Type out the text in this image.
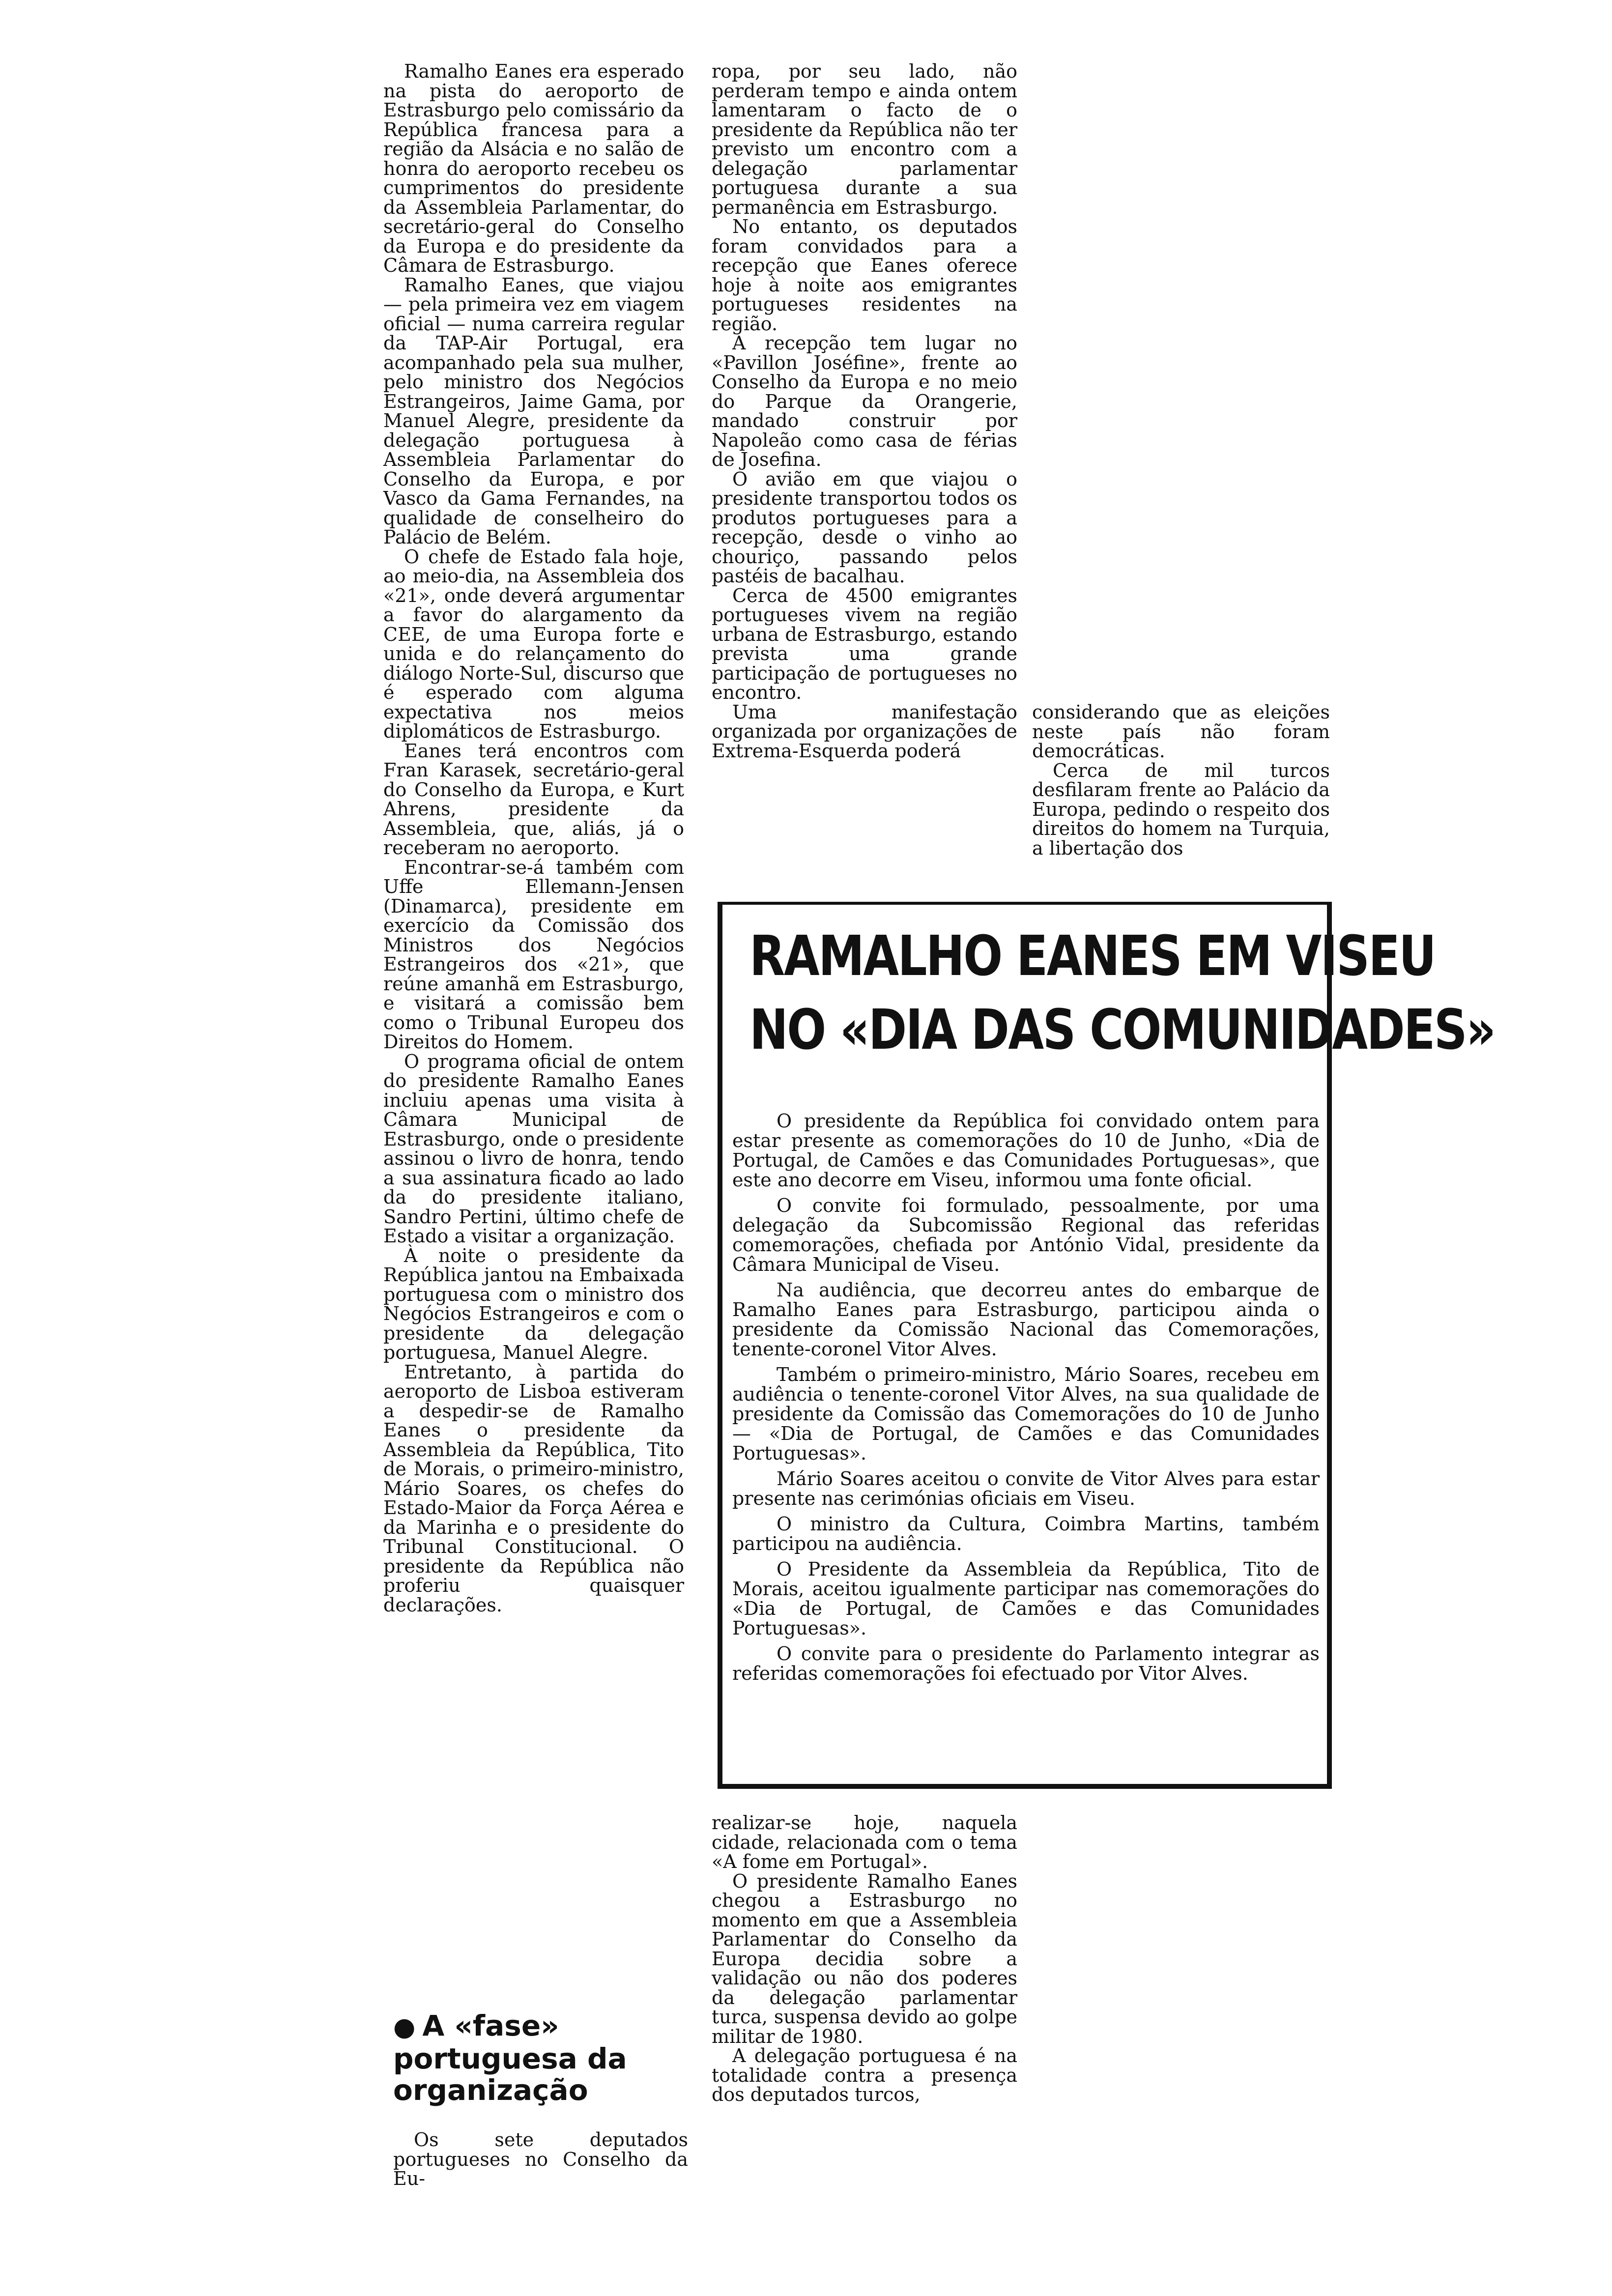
Ramalho Eanes era esperado na pista do aeroporto de Estrasburgo pelo comissário da República francesa para a região da Alsácia e no salão de honra do aeroporto recebeu os cumprimentos do presidente da Assembleia Parlamentar, do secretário-geral do Conselho da Europa e do presidente da Câmara de Estrasburgo.

Ramalho Eanes, que viajou — pela primeira vez em viagem oficial — numa carreira regular da TAP-Air Portugal, era acompanhado pela sua mulher, pelo ministro dos Negócios Estrangeiros, Jaime Gama, por Manuel Alegre, presidente da delegação portuguesa à Assembleia Parlamentar do Conselho da Europa, e por Vasco da Gama Fernandes, na qualidade de conselheiro do Palácio de Belém.

O chefe de Estado fala hoje, ao meio-dia, na Assembleia dos «21», onde deverá argumentar a favor do alargamento da CEE, de uma Europa forte e unida e do relançamento do diálogo Norte-Sul, discurso que é esperado com alguma expectativa nos meios diplomáticos de Estrasburgo.

Eanes terá encontros com Fran Karasek, secretário-geral do Conselho da Europa, e Kurt Ahrens, presidente da Assembleia, que, aliás, já o receberam no aeroporto.

Encontrar-se-á também com Uffe Ellemann-Jensen (Dinamarca), presidente em exercício da Comissão dos Ministros dos Negócios Estrangeiros dos «21», que reúne amanhã em Estrasburgo, e visitará a comissão bem como o Tribunal Europeu dos Direitos do Homem.

O programa oficial de ontem do presidente Ramalho Eanes incluiu apenas uma visita à Câmara Municipal de Estrasburgo, onde o presidente assinou o livro de honra, tendo a sua assinatura ficado ao lado da do presidente italiano, Sandro Pertini, último chefe de Estado a visitar a organização.

À noite o presidente da República jantou na Embaixada portuguesa com o ministro dos Negócios Estrangeiros e com o presidente da delegação portuguesa, Manuel Alegre.

Entretanto, à partida do aeroporto de Lisboa estiveram a despedir-se de Ramalho Eanes o presidente da Assembleia da República, Tito de Morais, o primeiro-ministro, Mário Soares, os chefes do Estado-Maior da Força Aérea e da Marinha e o presidente do Tribunal Constitucional. O presidente da República não proferiu quaisquer declarações.

● A «fase» portuguesa da organização

Os sete deputados portugueses no Conselho da Eu-

ropa, por seu lado, não perderam tempo e ainda ontem lamentaram o facto de o presidente da República não ter previsto um encontro com a delegação parlamentar portuguesa durante a sua permanência em Estrasburgo.

No entanto, os deputados foram convidados para a recepção que Eanes oferece hoje à noite aos emigrantes portugueses residentes na região.

A recepção tem lugar no «Pavillon Joséfine», frente ao Conselho da Europa e no meio do Parque da Orangerie, mandado construir por Napoleão como casa de férias de Josefina.

O avião em que viajou o presidente transportou todos os produtos portugueses para a recepção, desde o vinho ao chouriço, passando pelos pastéis de bacalhau.

Cerca de 4500 emigrantes portugueses vivem na região urbana de Estrasburgo, estando prevista uma grande participação de portugueses no encontro.

Uma manifestação organizada por organizações de Extrema-Esquerda poderá

considerando que as eleições neste país não foram democráticas.

Cerca de mil turcos desfilaram frente ao Palácio da Europa, pedindo o respeito dos direitos do homem na Turquia, a libertação dos

RAMALHO EANES EM VISEU
NO «DIA DAS COMUNIDADES»

O presidente da República foi convidado ontem para estar presente as comemorações do 10 de Junho, «Dia de Portugal, de Camões e das Comunidades Portuguesas», que este ano decorre em Viseu, informou uma fonte oficial.

O convite foi formulado, pessoalmente, por uma delegação da Subcomissão Regional das referidas comemorações, chefiada por António Vidal, presidente da Câmara Municipal de Viseu.

Na audiência, que decorreu antes do embarque de Ramalho Eanes para Estrasburgo, participou ainda o presidente da Comissão Nacional das Comemorações, tenente-coronel Vitor Alves.

Também o primeiro-ministro, Mário Soares, recebeu em audiência o tenente-coronel Vitor Alves, na sua qualidade de presidente da Comissão das Comemorações do 10 de Junho — «Dia de Portugal, de Camões e das Comunidades Portuguesas».

Mário Soares aceitou o convite de Vitor Alves para estar presente nas cerimónias oficiais em Viseu.

O ministro da Cultura, Coimbra Martins, também participou na audiência.

O Presidente da Assembleia da República, Tito de Morais, aceitou igualmente participar nas comemorações do «Dia de Portugal, de Camões e das Comunidades Portuguesas».

O convite para o presidente do Parlamento integrar as referidas comemorações foi efectuado por Vitor Alves.

realizar-se hoje, naquela cidade, relacionada com o tema «A fome em Portugal».

O presidente Ramalho Eanes chegou a Estrasburgo no momento em que a Assembleia Parlamentar do Conselho da Europa decidia sobre a validação ou não dos poderes da delegação parlamentar turca, suspensa devido ao golpe militar de 1980.

A delegação portuguesa é na totalidade contra a presença dos deputados turcos,
